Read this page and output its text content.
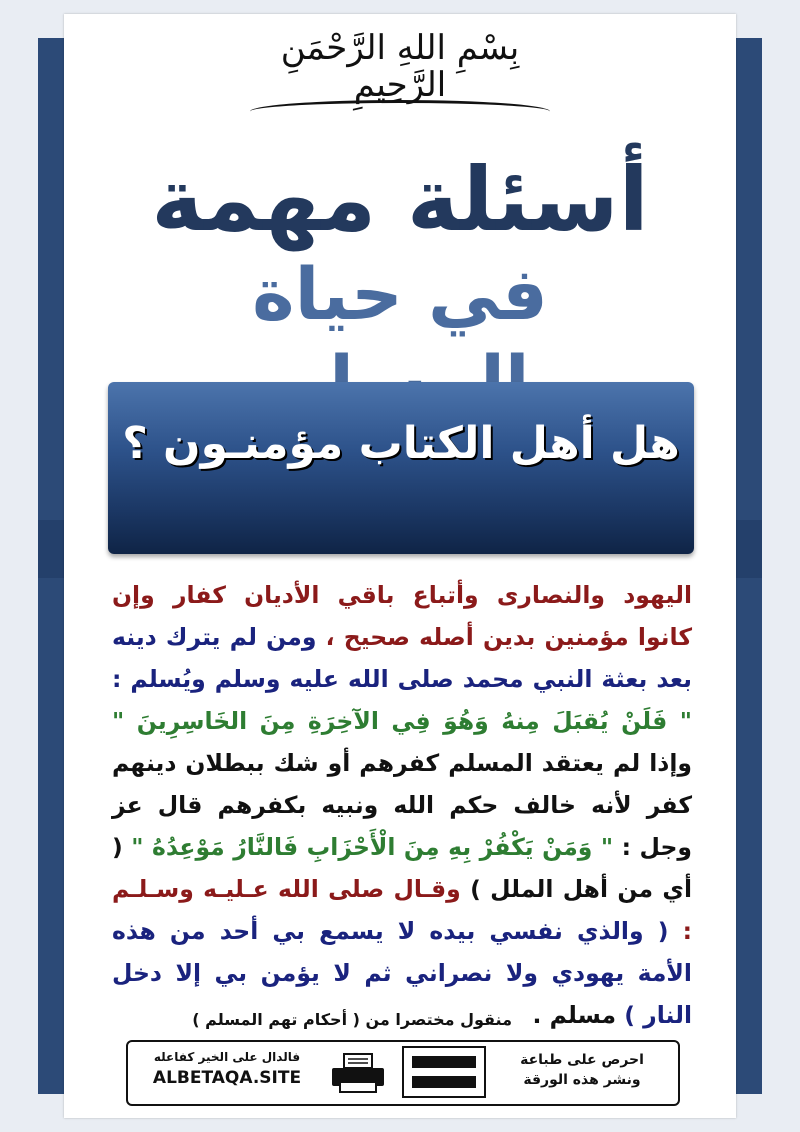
بِسْمِ اللهِ الرَّحْمَنِ الرَّحِيمِ
أسئلة مهمة
في حياة
هل أهل الكتاب مؤمنـون ؟
اليهود والنصارى وأتباع باقي الأديان كفار وإن كانوا مؤمنين بدين أصله صحيح ، ومن لم يترك دينه بعد بعثة النبي محمد صلى الله عليه وسلم ويُسلم : " فَلَنْ يُقبَلَ مِنهُ وَهُوَ فِي الآخِرَةِ مِنَ الخَاسِرِينَ " وإذا لم يعتقد المسلم كفرهم أو شك ببطلان دينهم كفر لأنه خالف حكم الله ونبيه بكفرهم قال عز وجل : " وَمَنْ يَكْفُرْ بِهِ مِنَ الْأَحْزَابِ فَالنَّارُ مَوْعِدُهُ " ( أي من أهل الملل ) وقـال صلى الله عـليـه وسـلـم : ( والذي نفسي بيده لا يسمع بي أحد من هذه الأمة يهودي ولا نصراني ثم لا يؤمن بي إلا دخل النار ) مسلم .
منقول مختصرا من ( أحكام تهم المسلم )
احرص على طباعة
ونشر هذه الورقة
فالدال على الخير كفاعله
ALBETAQA.SITE
